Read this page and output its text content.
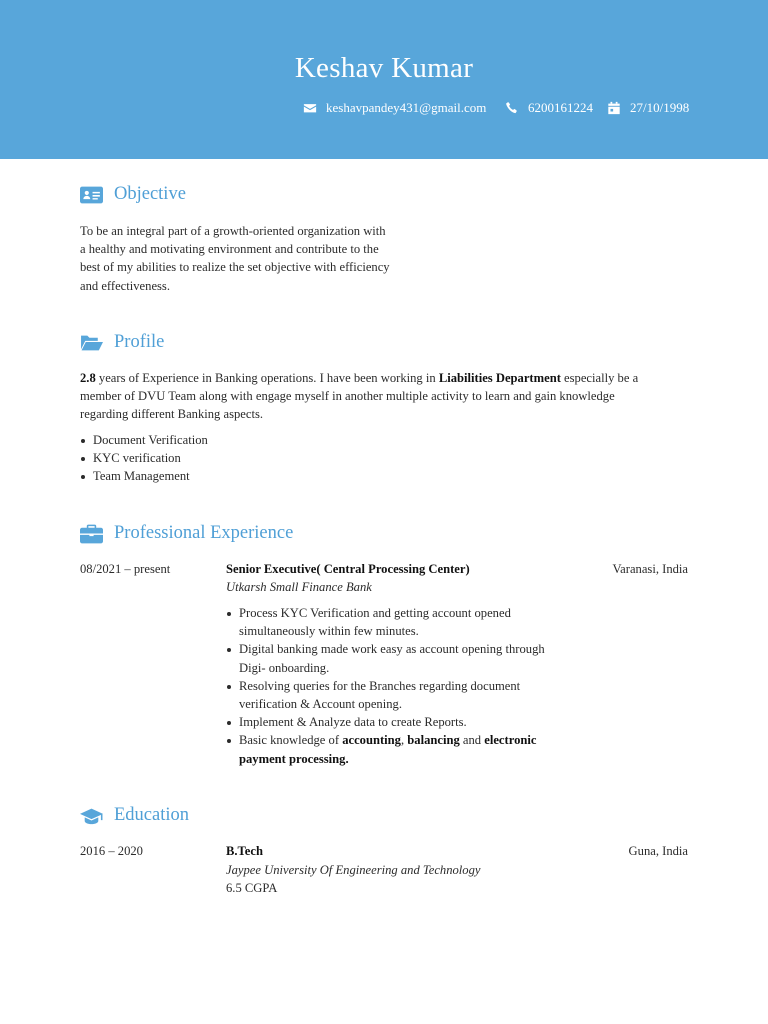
Keshav Kumar
keshavpandey431@gmail.com	6200161224	27/10/1998
Objective
To be an integral part of a growth-oriented organization with
a healthy and motivating environment and contribute to the
best of my abilities to realize the set objective with efficiency
and effectiveness.
Profile
2.8 years of Experience in Banking operations. I have been working in Liabilities Department especially be a
member of DVU Team along with engage myself in another multiple activity to learn and gain knowledge
regarding different Banking aspects.
Document Verification
KYC verification
Team Management
Professional Experience
08/2021 – present	Senior Executive( Central Processing Center)	Varanasi, India
Utkarsh Small Finance Bank
Process KYC Verification and getting account opened
simultaneously within few minutes.
Digital banking made work easy as account opening through
Digi- onboarding.
Resolving queries for the Branches regarding document
verification & Account opening.
Implement & Analyze data to create Reports.
Basic knowledge of accounting, balancing and electronic
payment processing.
Education
2016 – 2020	B.Tech	Guna, India
Jaypee University Of Engineering and Technology
6.5 CGPA
